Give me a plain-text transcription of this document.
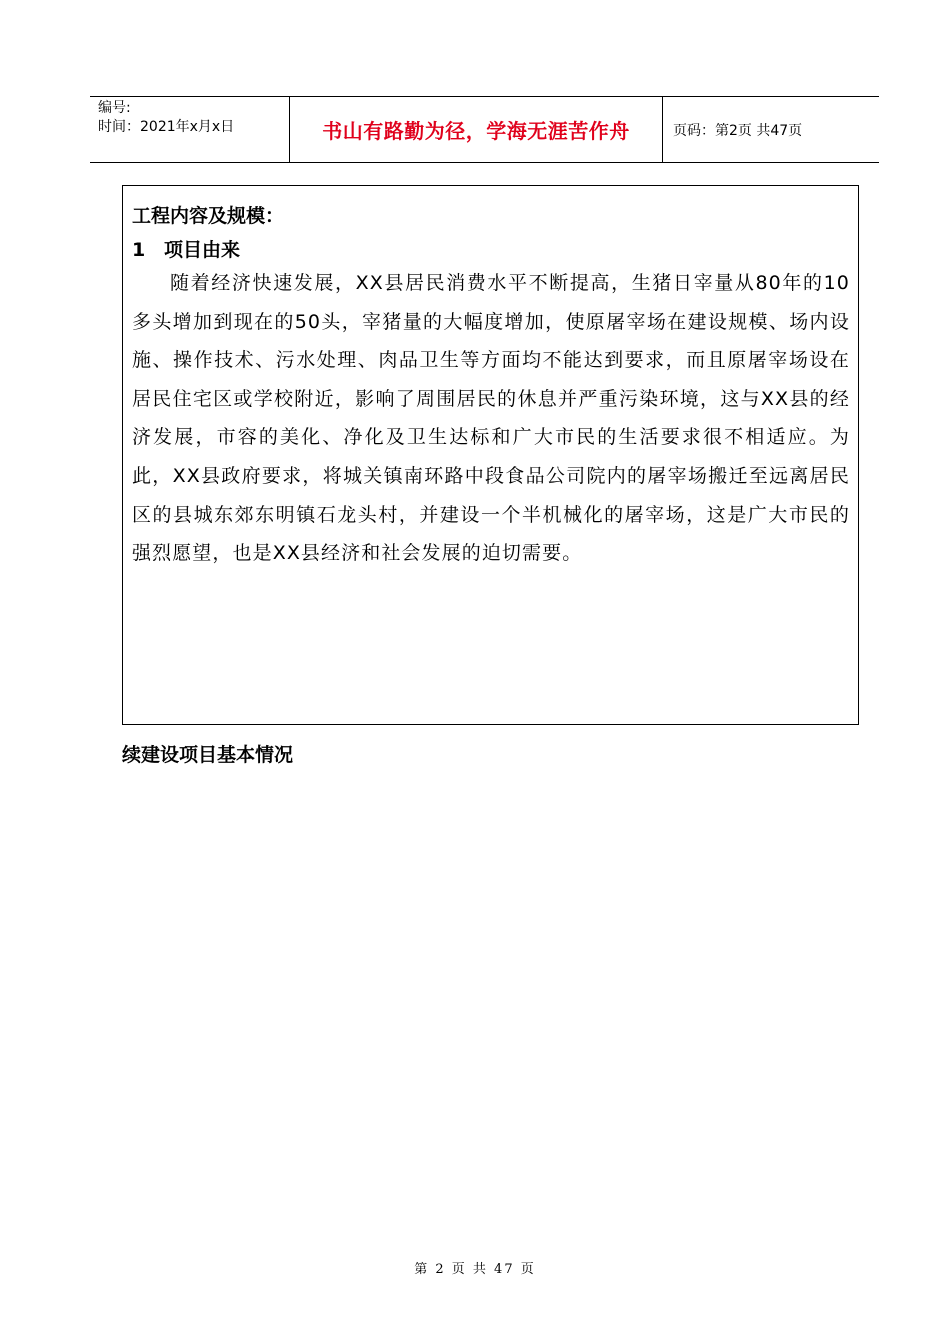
编号:
时间：2021年x月x日	书山有路勤为径，学海无涯苦作舟	页码：第2页 共47页

工程内容及规模：

1 项目由来

随着经济快速发展，XX县居民消费水平不断提高，生猪日宰量从80年的10多头增加到现在的50头，宰猪量的大幅度增加，使原屠宰场在建设规模、场内设施、操作技术、污水处理、肉品卫生等方面均不能达到要求，而且原屠宰场设在居民住宅区或学校附近，影响了周围居民的休息并严重污染环境，这与XX县的经济发展，市容的美化、净化及卫生达标和广大市民的生活要求很不相适应。为此，XX县政府要求，将城关镇南环路中段食品公司院内的屠宰场搬迁至远离居民区的县城东郊东明镇石龙头村，并建设一个半机械化的屠宰场，这是广大市民的强烈愿望，也是XX县经济和社会发展的迫切需要。

续建设项目基本情况

第 2 页 共 47 页
